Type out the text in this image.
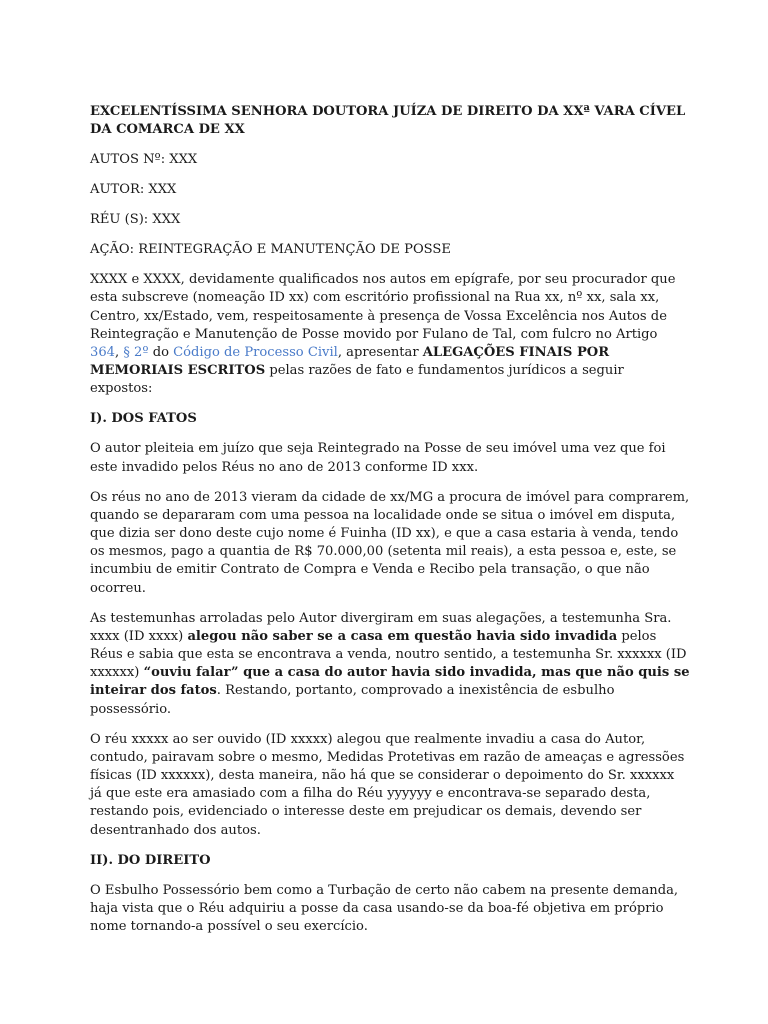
EXCELENTÍSSIMA SENHORA DOUTORA JUÍZA DE DIREITO DA XXª VARA CÍVEL DA COMARCA DE XX

AUTOS Nº: XXX

AUTOR: XXX

RÉU (S): XXX

AÇÃO: REINTEGRAÇÃO E MANUTENÇÃO DE POSSE

XXXX e XXXX, devidamente qualificados nos autos em epígrafe, por seu procurador que esta subscreve (nomeação ID xx) com escritório profissional na Rua xx, nº xx, sala xx, Centro, xx/Estado, vem, respeitosamente à presença de Vossa Excelência nos Autos de Reintegração e Manutenção de Posse movido por Fulano de Tal, com fulcro no Artigo 364, § 2º do Código de Processo Civil, apresentar ALEGAÇÕES FINAIS POR MEMORIAIS ESCRITOS pelas razões de fato e fundamentos jurídicos a seguir expostos:

I). DOS FATOS

O autor pleiteia em juízo que seja Reintegrado na Posse de seu imóvel uma vez que foi este invadido pelos Réus no ano de 2013 conforme ID xxx.

Os réus no ano de 2013 vieram da cidade de xx/MG a procura de imóvel para comprarem, quando se depararam com uma pessoa na localidade onde se situa o imóvel em disputa, que dizia ser dono deste cujo nome é Fuinha (ID xx), e que a casa estaria à venda, tendo os mesmos, pago a quantia de R$ 70.000,00 (setenta mil reais), a esta pessoa e, este, se incumbiu de emitir Contrato de Compra e Venda e Recibo pela transação, o que não ocorreu.

As testemunhas arroladas pelo Autor divergiram em suas alegações, a testemunha Sra. xxxx (ID xxxx) alegou não saber se a casa em questão havia sido invadida pelos Réus e sabia que esta se encontrava a venda, noutro sentido, a testemunha Sr. xxxxxx (ID xxxxxx) “ouviu falar” que a casa do autor havia sido invadida, mas que não quis se inteirar dos fatos. Restando, portanto, comprovado a inexistência de esbulho possessório.

O réu xxxxx ao ser ouvido (ID xxxxx) alegou que realmente invadiu a casa do Autor, contudo, pairavam sobre o mesmo, Medidas Protetivas em razão de ameaças e agressões físicas (ID xxxxxx), desta maneira, não há que se considerar o depoimento do Sr. xxxxxx já que este era amasiado com a filha do Réu yyyyyy e encontrava-se separado desta, restando pois, evidenciado o interesse deste em prejudicar os demais, devendo ser desentranhado dos autos.

II). DO DIREITO

O Esbulho Possessório bem como a Turbação de certo não cabem na presente demanda, haja vista que o Réu adquiriu a posse da casa usando-se da boa-fé objetiva em próprio nome tornando-a possível o seu exercício.
